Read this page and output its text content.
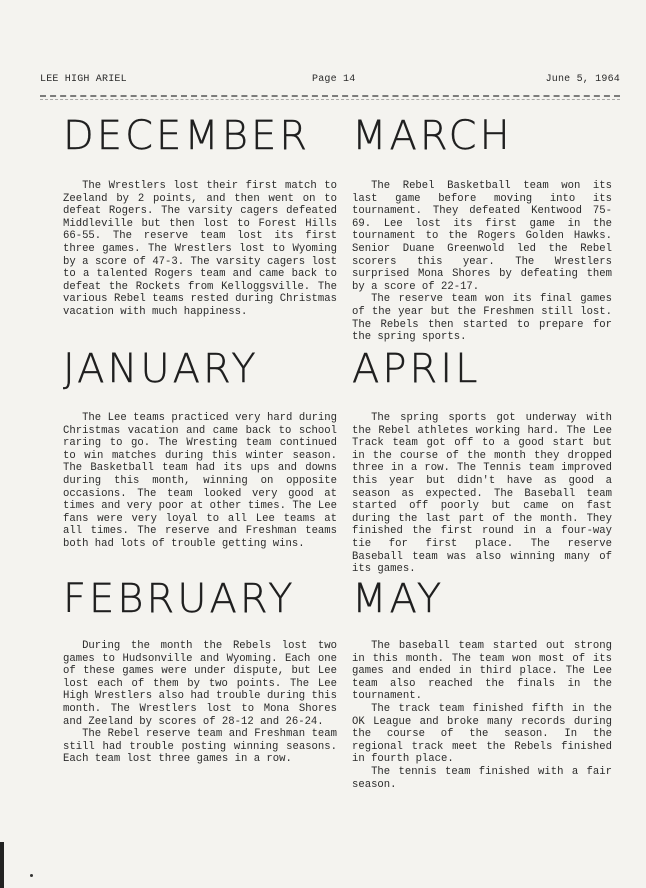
LEE HIGH ARIEL	Page 14	June 5, 1964
DECEMBER

The Wrestlers lost their first match to Zeeland by 2 points, and then went on to defeat Rogers. The varsity cagers defeated Middleville but then lost to Forest Hills 66-55. The reserve team lost its first three games. The Wrestlers lost to Wyoming by a score of 47-3. The varsity cagers lost to a talented Rogers team and came back to defeat the Rockets from Kelloggsville. The various Rebel teams rested during Christmas vacation with much happiness.

MARCH

The Rebel Basketball team won its last game before moving into its tournament. They defeated Kentwood 75-69. Lee lost its first game in the tournament to the Rogers Golden Hawks. Senior Duane Greenwold led the Rebel scorers this year. The Wrestlers surprised Mona Shores by defeating them by a score of 22-17.

The reserve team won its final games of the year but the Freshmen still lost. The Rebels then started to prepare for the spring sports.

JANUARY

The Lee teams practiced very hard during Christmas vacation and came back to school raring to go. The Wresting team continued to win matches during this winter season. The Basketball team had its ups and downs during this month, winning on opposite occasions. The team looked very good at times and very poor at other times. The Lee fans were very loyal to all Lee teams at all times. The reserve and Freshman teams both had lots of trouble getting wins.

APRIL

The spring sports got underway with the Rebel athletes working hard. The Lee Track team got off to a good start but in the course of the month they dropped three in a row. The Tennis team improved this year but didn't have as good a season as expected. The Baseball team started off poorly but came on fast during the last part of the month. They finished the first round in a four-way tie for first place. The reserve Baseball team was also winning many of its games.

FEBRUARY

During the month the Rebels lost two games to Hudsonville and Wyoming. Each one of these games were under dispute, but Lee lost each of them by two points. The Lee High Wrestlers also had trouble during this month. The Wrestlers lost to Mona Shores and Zeeland by scores of 28-12 and 26-24.

The Rebel reserve team and Freshman team still had trouble posting winning seasons. Each team lost three games in a row.

MAY

The baseball team started out strong in this month. The team won most of its games and ended in third place. The Lee team also reached the finals in the tournament.

The track team finished fifth in the OK League and broke many records during the course of the season. In the regional track meet the Rebels finished in fourth place.

The tennis team finished with a fair season.
